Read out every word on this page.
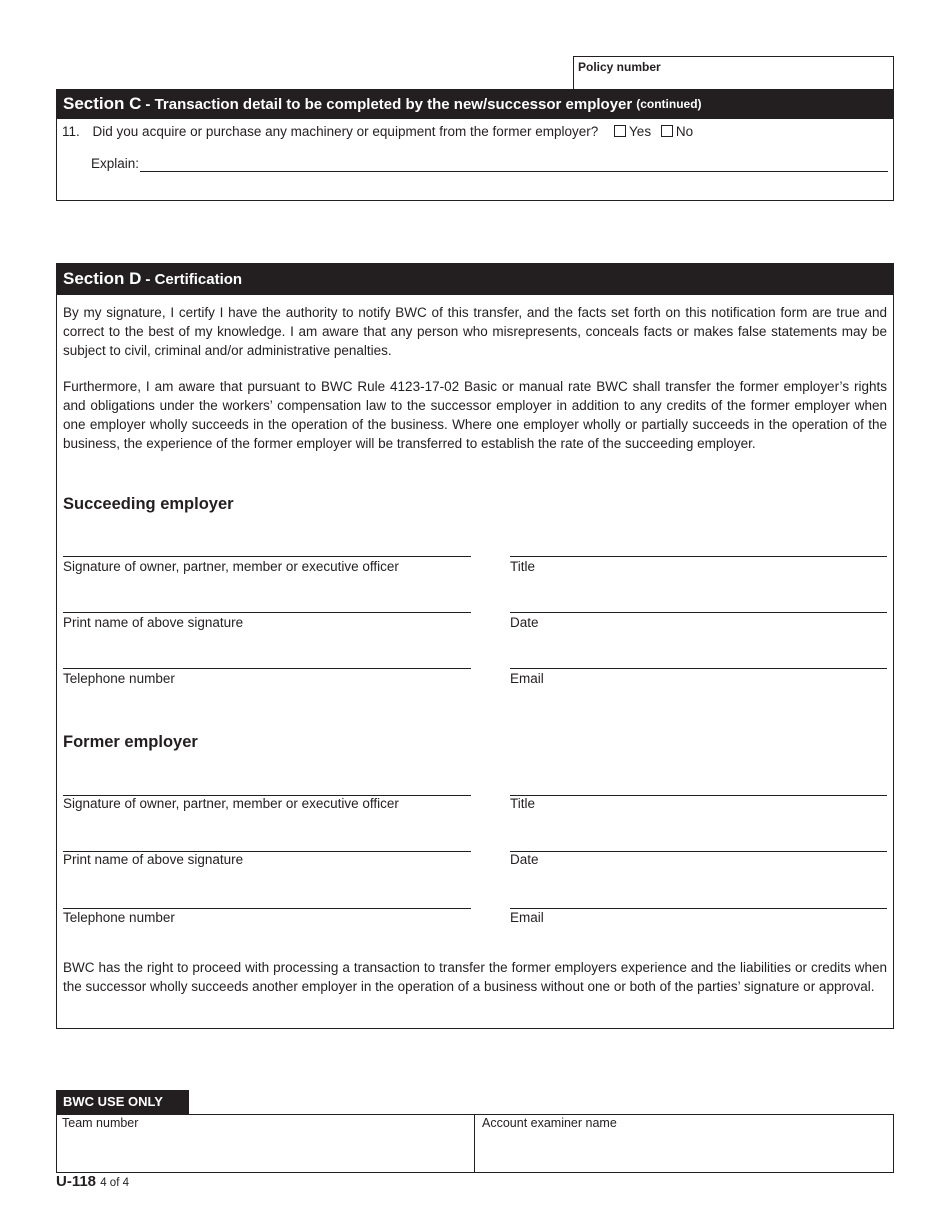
Policy number
Section C - Transaction detail to be completed by the new/successor employer (continued)
11. Did you acquire or purchase any machinery or equipment from the former employer? Yes No
Explain:
Section D - Certification
By my signature, I certify I have the authority to notify BWC of this transfer, and the facts set forth on this notification form are true and correct to the best of my knowledge. I am aware that any person who misrepresents, conceals facts or makes false statements may be subject to civil, criminal and/or administrative penalties.
Furthermore, I am aware that pursuant to BWC Rule 4123-17-02 Basic or manual rate BWC shall transfer the former employer’s rights and obligations under the workers’ compensation law to the successor employer in addition to any credits of the former employer when one employer wholly succeeds in the operation of the business. Where one employer wholly or partially succeeds in the operation of the business, the experience of the former employer will be transferred to establish the rate of the succeeding employer.
Succeeding employer
Signature of owner, partner, member or executive officer	Title
Print name of above signature	Date
Telephone number	Email
Former employer
Signature of owner, partner, member or executive officer	Title
Print name of above signature	Date
Telephone number	Email
BWC has the right to proceed with processing a transaction to transfer the former employers experience and the liabilities or credits when the successor wholly succeeds another employer in the operation of a business without one or both of the parties’ signature or approval.
BWC USE ONLY
Team number	Account examiner name
U-118 4 of 4
